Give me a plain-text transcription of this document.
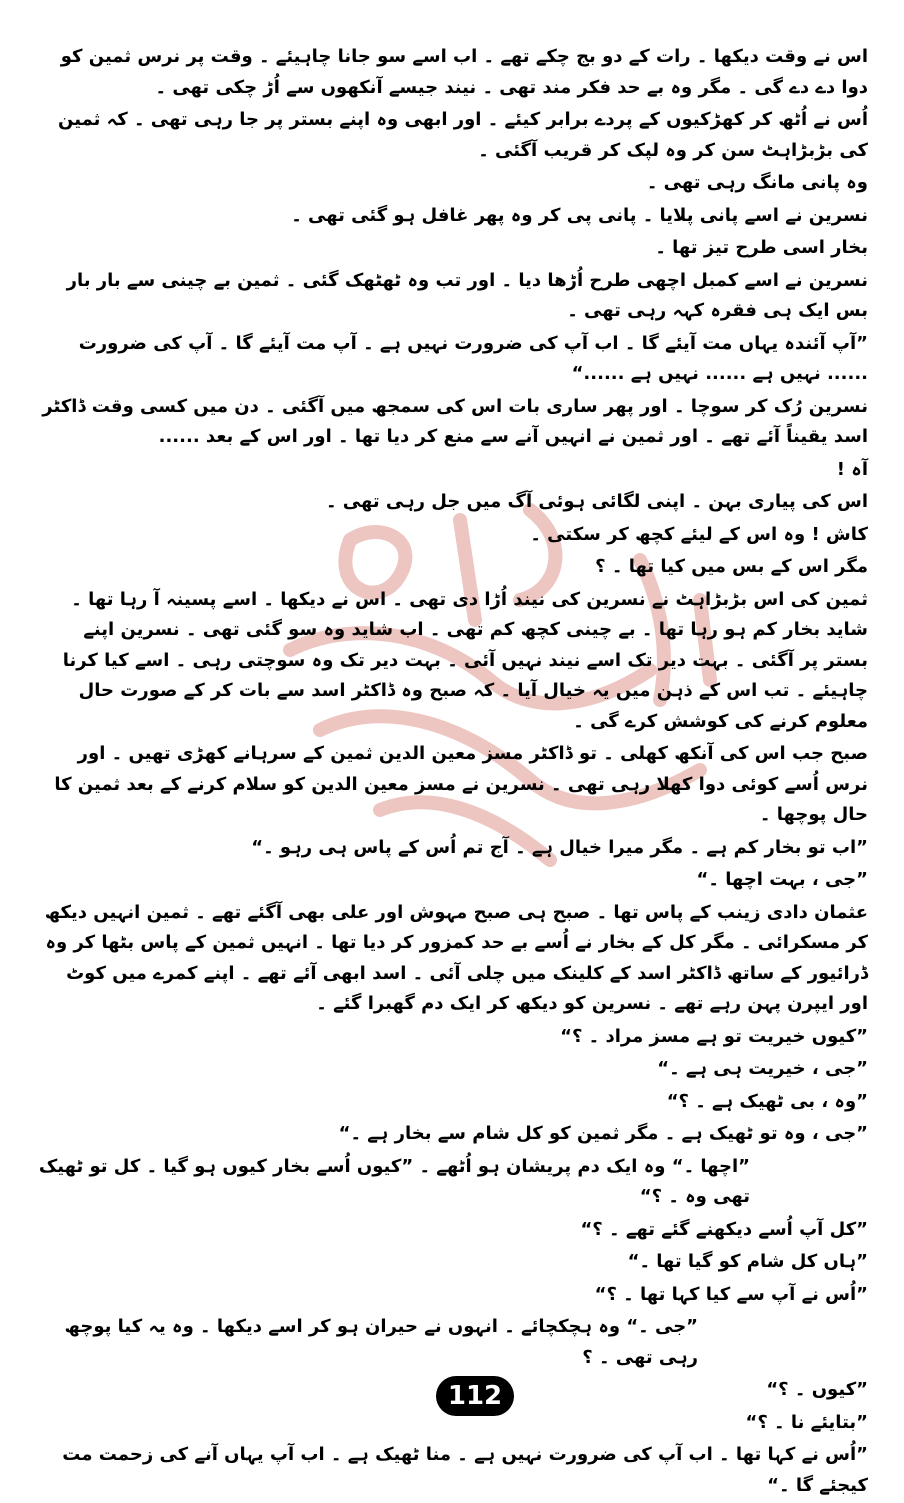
اس نے وقت دیکھا ۔ رات کے دو بج چکے تھے ۔ اب اسے سو جانا چاہیئے ۔ وقت پر نرس ثمین کو دوا دے دے گی ۔ مگر وہ بے حد فکر مند تھی ۔ نیند جیسے آنکھوں سے اُڑ چکی تھی ۔

اُس نے اُٹھ کر کھڑکیوں کے پردے برابر کیئے ۔ اور ابھی وہ اپنے بستر پر جا رہی تھی ۔ کہ ثمین کی بڑبڑاہٹ سن کر وہ لپک کر قریب آگئی ۔

وہ پانی مانگ رہی تھی ۔

نسرین نے اسے پانی پلایا ۔ پانی پی کر وہ پھر غافل ہو گئی تھی ۔

بخار اسی طرح تیز تھا ۔

نسرین نے اسے کمبل اچھی طرح اُڑھا دیا ۔ اور تب وہ ٹھٹھک گئی ۔ ثمین بے چینی سے بار بار بس ایک ہی فقرہ کہہ رہی تھی ۔

”آپ آئندہ یہاں مت آیئے گا ۔ اب آپ کی ضرورت نہیں ہے ۔ آپ مت آیئے گا ۔ آپ کی ضرورت ...... نہیں ہے ...... نہیں ہے ......“

نسرین رُک کر سوچا ۔ اور پھر ساری بات اس کی سمجھ میں آگئی ۔ دن میں کسی وقت ڈاکٹر اسد یقیناً آئے تھے ۔ اور ثمین نے انہیں آنے سے منع کر دیا تھا ۔ اور اس کے بعد ......

آہ !

اس کی پیاری بہن ۔ اپنی لگائی ہوئی آگ میں جل رہی تھی ۔

کاش ! وہ اس کے لیئے کچھ کر سکتی ۔

مگر اس کے بس میں کیا تھا ۔ ؟

ثمین کی اس بڑبڑاہٹ نے نسرین کی نیند اُڑا دی تھی ۔ اس نے دیکھا ۔ اسے پسینہ آ رہا تھا ۔ شاید بخار کم ہو رہا تھا ۔ بے چینی کچھ کم تھی ۔ اب شاید وہ سو گئی تھی ۔ نسرین اپنے بستر پر آگئی ۔ بہت دیر تک اسے نیند نہیں آئی ۔ بہت دیر تک وہ سوچتی رہی ۔ اسے کیا کرنا چاہیئے ۔ تب اس کے ذہن میں یہ خیال آیا ۔ کہ صبح وہ ڈاکٹر اسد سے بات کر کے صورت حال معلوم کرنے کی کوشش کرے گی ۔

صبح جب اس کی آنکھ کھلی ۔ تو ڈاکٹر مسز معین الدین ثمین کے سرہانے کھڑی تھیں ۔ اور نرس اُسے کوئی دوا کھلا رہی تھی ۔ نسرین نے مسز معین الدین کو سلام کرنے کے بعد ثمین کا حال پوچھا ۔

”اب تو بخار کم ہے ۔ مگر میرا خیال ہے ۔ آج تم اُس کے پاس ہی رہو ۔“

”جی ، بہت اچھا ۔“

عثمان دادی زینب کے پاس تھا ۔ صبح ہی صبح مہوش اور علی بھی آگئے تھے ۔ ثمین انہیں دیکھ کر مسکرائی ۔ مگر کل کے بخار نے اُسے بے حد کمزور کر دیا تھا ۔ انہیں ثمین کے پاس بٹھا کر وہ ڈرائیور کے ساتھ ڈاکٹر اسد کے کلینک میں چلی آئی ۔ اسد ابھی آئے تھے ۔ اپنے کمرے میں کوٹ اور ایپرن پہن رہے تھے ۔ نسرین کو دیکھ کر ایک دم گھبرا گئے ۔

”کیوں خیریت تو ہے مسز مراد ۔ ؟“

”جی ، خیریت ہی ہے ۔“

”وہ ، بی ٹھیک ہے ۔ ؟“

”جی ، وہ تو ٹھیک ہے ۔ مگر ثمین کو کل شام سے بخار ہے ۔“

”اچھا ۔“ وہ ایک دم پریشان ہو اُٹھے ۔ ”کیوں اُسے بخار کیوں ہو گیا ۔ کل تو ٹھیک تھی وہ ۔ ؟“

”کل آپ اُسے دیکھنے گئے تھے ۔ ؟“

”ہاں کل شام کو گیا تھا ۔“

”اُس نے آپ سے کیا کہا تھا ۔ ؟“

”جی ۔“ وہ ہچکچائے ۔ انہوں نے حیران ہو کر اسے دیکھا ۔ وہ یہ کیا پوچھ رہی تھی ۔ ؟

”کیوں ۔ ؟“

”بتایئے نا ۔ ؟“

”اُس نے کہا تھا ۔ اب آپ کی ضرورت نہیں ہے ۔ منا ٹھیک ہے ۔ اب آپ یہاں آنے کی زحمت مت کیجئے گا ۔“

112
